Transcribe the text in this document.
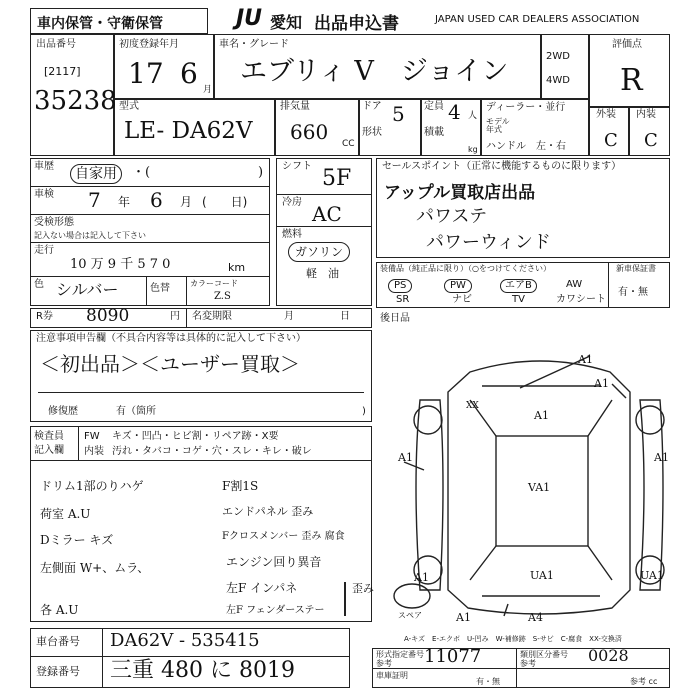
車内保管・守衛保管	JU 愛知 出品申込書	JAPAN USED CAR DEALERS ASSOCIATION
出品番号
[2117]
35238
初度登録年月
17 6 月
車名・グレード
エブリィ V　ジョイン	2WD
4WD
評価点
R
外装 内装
C C
型式
LE- DA62V
排気量
660 CC
ドア 5
形状
定員 4 人
積載
kg
ディーラー・並行
モデル
年式
ハンドル　左・右
車歴	自家用	・(	)
車検 7 年 6 月 (　　日)
受検形態
記入ない場合は記入して下さい
走行
10 万 9 千 5 7 0	km
色 シルバー	色替	カラーコード
Z.S
シフト 5F
冷房 AC
燃料
ガソリン
軽　油
セールスポイント（正常に機能するものに限ります）
アップル買取店出品
パワステ
パワーウィンド
装備品（純正品に限り）（○をつけてください）	新車保証書
有・無
PS	PW	エアB	AW
SR	ナビ	TV	カワシート
R券 8090	円 名変期限	月	日	後日品
注意事項申告欄（不具合内容等は具体的に記入して下さい）
＜初出品＞＜ユーザー買取＞
修復歴	有（箇所	)
検査員
記入欄
FW キズ・凹凸・ヒビ割・リペア跡・X要
内装 汚れ・タバコ・コゲ・穴・スレ・キレ・破レ
ドリム1部のりハゲ
荷室 A.U
Dミラー キズ
左側面 W+、ムラ、
各 A.U
F割1S
エンドパネル 歪み
Fクロスメンバー 歪み 腐食
エンジン回り異音
左F インパネ
左F フェンダーステー
歪み
A1
A1
XX
A1
A1
VA1
A1
A1	UA1	UA1
A1	A4
スペア
A-キズ　E-エクボ　U-凹み　W-補修跡　S-サビ　C-腐食　XX-交換済
車台番号 DA62V - 535415
登録番号 三重 480 に 8019
形式指定番号
参考 11077	類別区分番号
参考	0028
車庫証明
有・無	参考 cc
